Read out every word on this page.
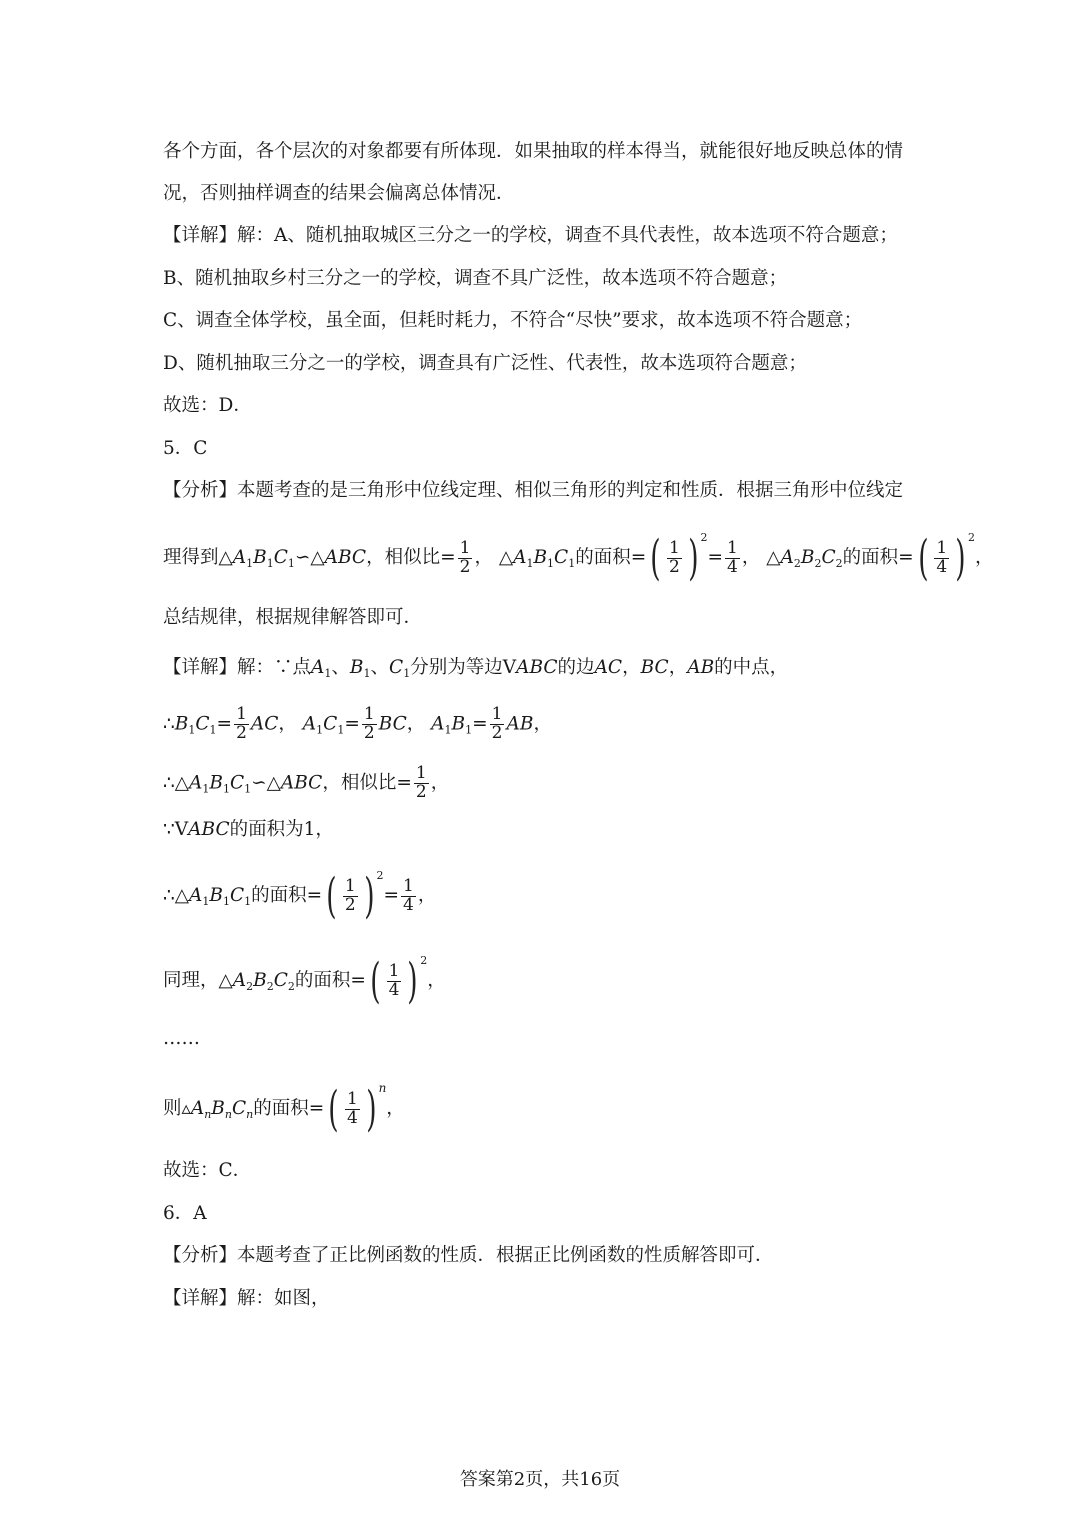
各个方面，各个层次的对象都要有所体现．如果抽取的样本得当，就能很好地反映总体的情
况，否则抽样调查的结果会偏离总体情况．
【详解】解：A、随机抽取城区三分之一的学校，调查不具代表性，故本选项不符合题意；
B、随机抽取乡村三分之一的学校，调查不具广泛性，故本选项不符合题意；
C、调查全体学校，虽全面，但耗时耗力，不符合“尽快”要求，故本选项不符合题意；
D、随机抽取三分之一的学校，调查具有广泛性、代表性，故本选项符合题意；
故选：D．
5．C
【分析】本题考查的是三角形中位线定理、相似三角形的判定和性质．根据三角形中位线定
理得到$\triangle A_1B_1C_1∽\triangle ABC$，相似比= $\frac{1}{2}$ ， $\triangle A_1B_1C_1$的面积= ( $\frac{1}{2}$ ) $^2= \frac{1}{4}$ ， $\triangle A_2B_2C_2$的面积= ( $\frac{1}{4}$ ) $^2$，
总结规律，根据规律解答即可．
【详解】解：∵点$A_1$、$B_1$、$C_1$分别为等边VABC的边AC，BC，AB的中点，
$\therefore B_1C_1= \frac{1}{2}$ AC， $A_1C_1= \frac{1}{2}$ BC， $A_1B_1= \frac{1}{2}$ AB，
$\therefore\triangle A_1B_1C_1∽\triangle ABC$，相似比= $\frac{1}{2}$ ，
∵VABC的面积为1，
$\therefore\triangle A_1B_1C_1$的面积= ( $\frac{1}{2}$ ) $^2= \frac{1}{4}$ ，
同理，$\triangle A_2B_2C_2$的面积= ( $\frac{1}{4}$ ) $^2$，
……
则$▵A_nB_nC_n$的面积= ( $\frac{1}{4}$ ) $^n$，
故选：C．
6．A
【分析】本题考查了正比例函数的性质．根据正比例函数的性质解答即可．
【详解】解：如图，
答案第2页，共16页
